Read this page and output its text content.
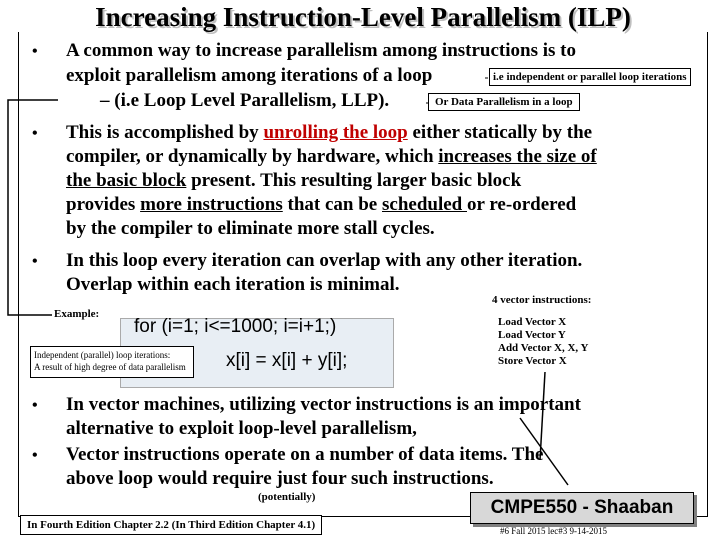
Increasing Instruction-Level Parallelism (ILP)
• A common way to increase parallelism among instructions is to
exploit parallelism among iterations of a loop	i.e independent or parallel loop iterations
– (i.e Loop Level Parallelism, LLP).	Or Data Parallelism in a loop
• This is accomplished by unrolling the loop either statically by the
compiler, or dynamically by hardware, which increases the size of
the basic block present. This resulting larger basic block
provides more instructions that can be scheduled or re-ordered
by the compiler to eliminate more stall cycles.
• In this loop every iteration can overlap with any other iteration.
Overlap within each iteration is minimal.
Example:
for (i=1; i<=1000; i=i+1;)
x[i] = x[i] + y[i];
Independent (parallel) loop iterations:
A result of high degree of data parallelism
4 vector instructions:
Load Vector X
Load Vector Y
Add Vector X, X, Y
Store Vector X
• In vector machines, utilizing vector instructions is an important
alternative to exploit loop-level parallelism,
• Vector instructions operate on a number of data items. The
above loop would require just four such instructions.
(potentially)
In Fourth Edition Chapter 2.2 (In Third Edition Chapter 4.1)
CMPE550 - Shaaban
#6 Fall 2015 lec#3 9-14-2015
